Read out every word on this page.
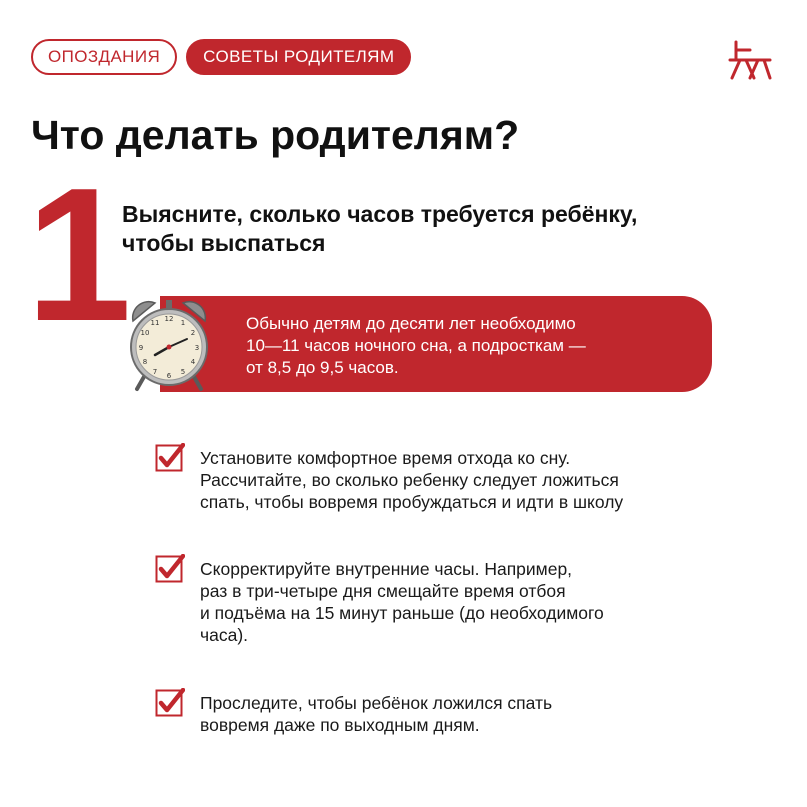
ОПОЗДАНИЯ	СОВЕТЫ РОДИТЕЛЯМ
Что делать родителям?
1
Выясните, сколько часов требуется ребёнку,
чтобы выспаться
Обычно детям до десяти лет необходимо
10—11 часов ночного сна, а подросткам —
от 8,5 до 9,5 часов.
12 1
2
3
4
5
6
7
8
9
10
11
Установите комфортное время отхода ко сну.
Рассчитайте, во сколько ребенку следует ложиться
спать, чтобы вовремя пробуждаться и идти в школу
Скорректируйте внутренние часы. Например,
раз в три-четыре дня смещайте время отбоя
и подъёма на 15 минут раньше (до необходимого
часа).
Проследите, чтобы ребёнок ложился спать
вовремя даже по выходным дням.
